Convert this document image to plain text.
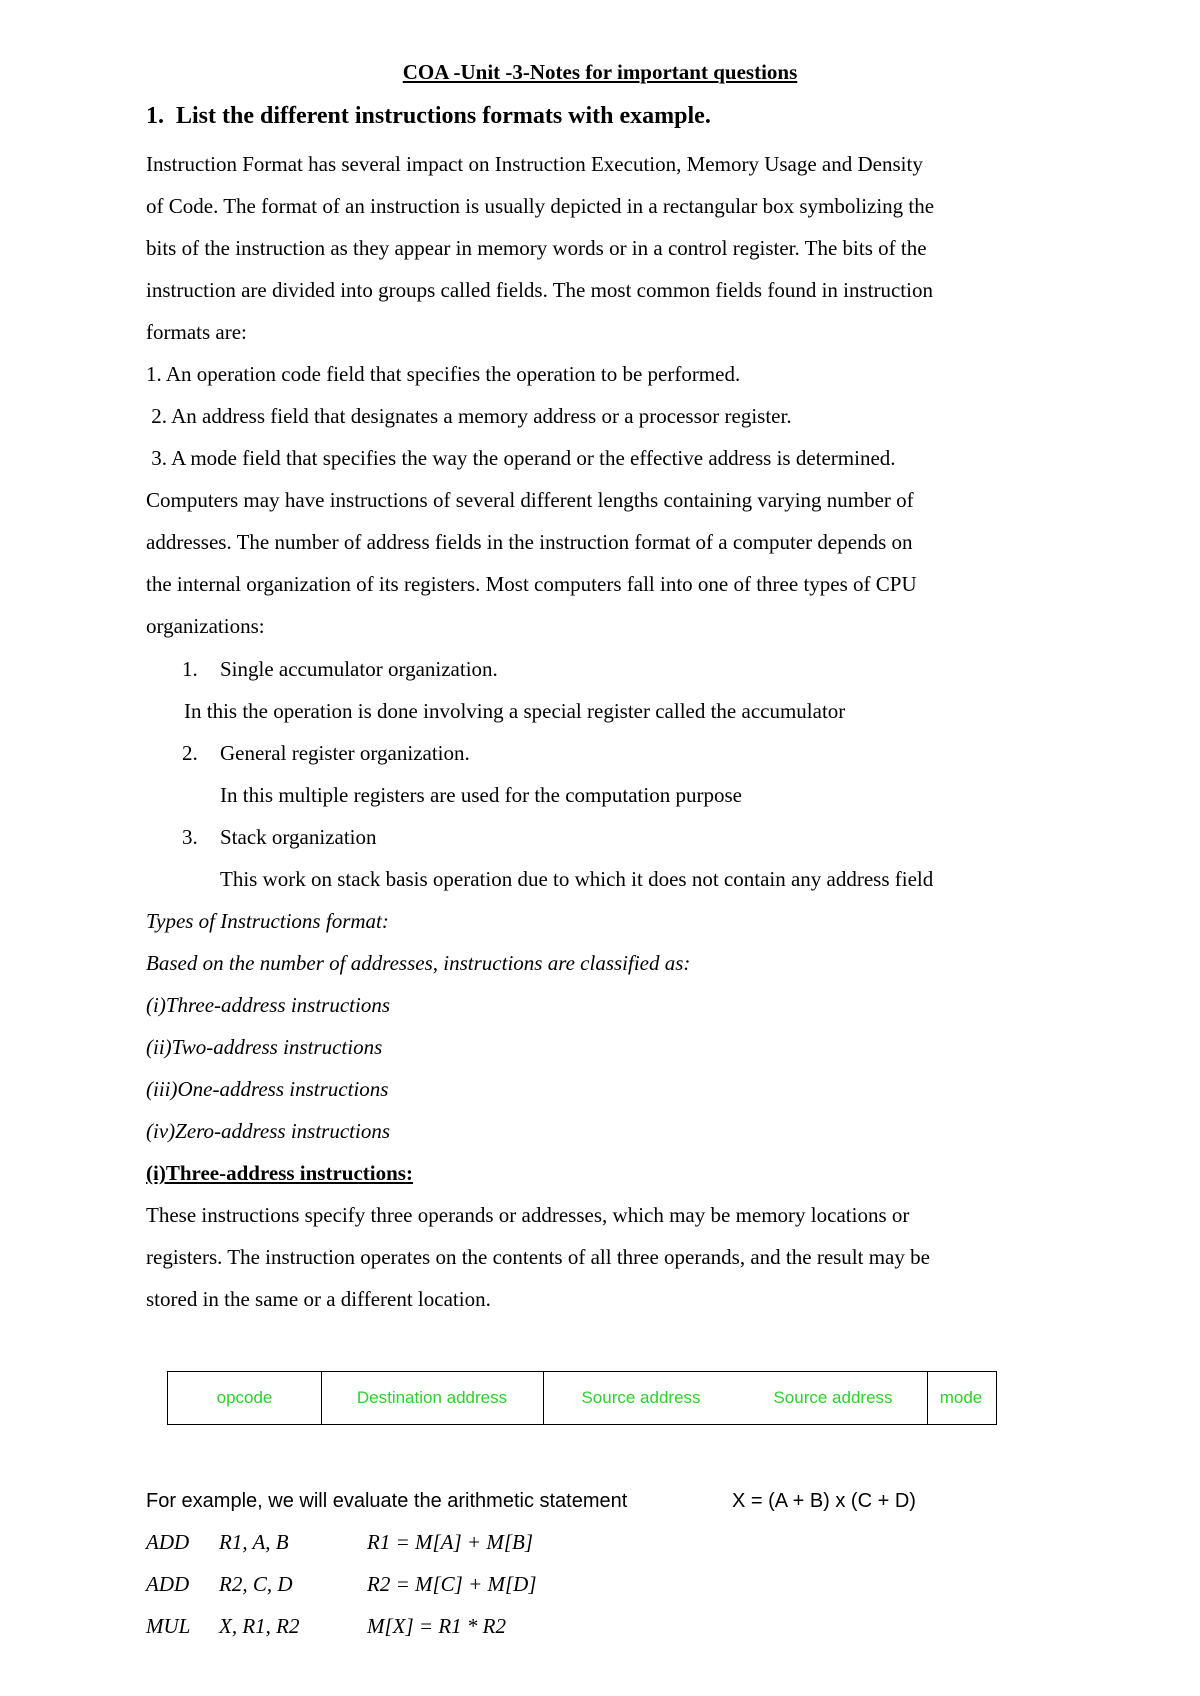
COA -Unit -3-Notes for important questions
1. List the different instructions formats with example.
Instruction Format has several impact on Instruction Execution, Memory Usage and Density
of Code. The format of an instruction is usually depicted in a rectangular box symbolizing the
bits of the instruction as they appear in memory words or in a control register. The bits of the
instruction are divided into groups called fields. The most common fields found in instruction
formats are:
1. An operation code field that specifies the operation to be performed.
2. An address field that designates a memory address or a processor register.
3. A mode field that specifies the way the operand or the effective address is determined.
Computers may have instructions of several different lengths containing varying number of
addresses. The number of address fields in the instruction format of a computer depends on
the internal organization of its registers. Most computers fall into one of three types of CPU
organizations:
1. Single accumulator organization.
In this the operation is done involving a special register called the accumulator
2. General register organization.
In this multiple registers are used for the computation purpose
3. Stack organization
This work on stack basis operation due to which it does not contain any address field
Types of Instructions format:
Based on the number of addresses, instructions are classified as:
(i)Three-address instructions
(ii)Two-address instructions
(iii)One-address instructions
(iv)Zero-address instructions
(i)Three-address instructions:
These instructions specify three operands or addresses, which may be memory locations or
registers. The instruction operates on the contents of all three operands, and the result may be
stored in the same or a different location.
opcode	Destination address	Source address	Source address	mode
For example, we will evaluate the arithmetic statement	X = (A + B) x (C + D)
ADD R1, A, B	R1 = M[A] + M[B]
ADD R2, C, D	R2 = M[C] + M[D]
MUL X, R1, R2	M[X] = R1 * R2
